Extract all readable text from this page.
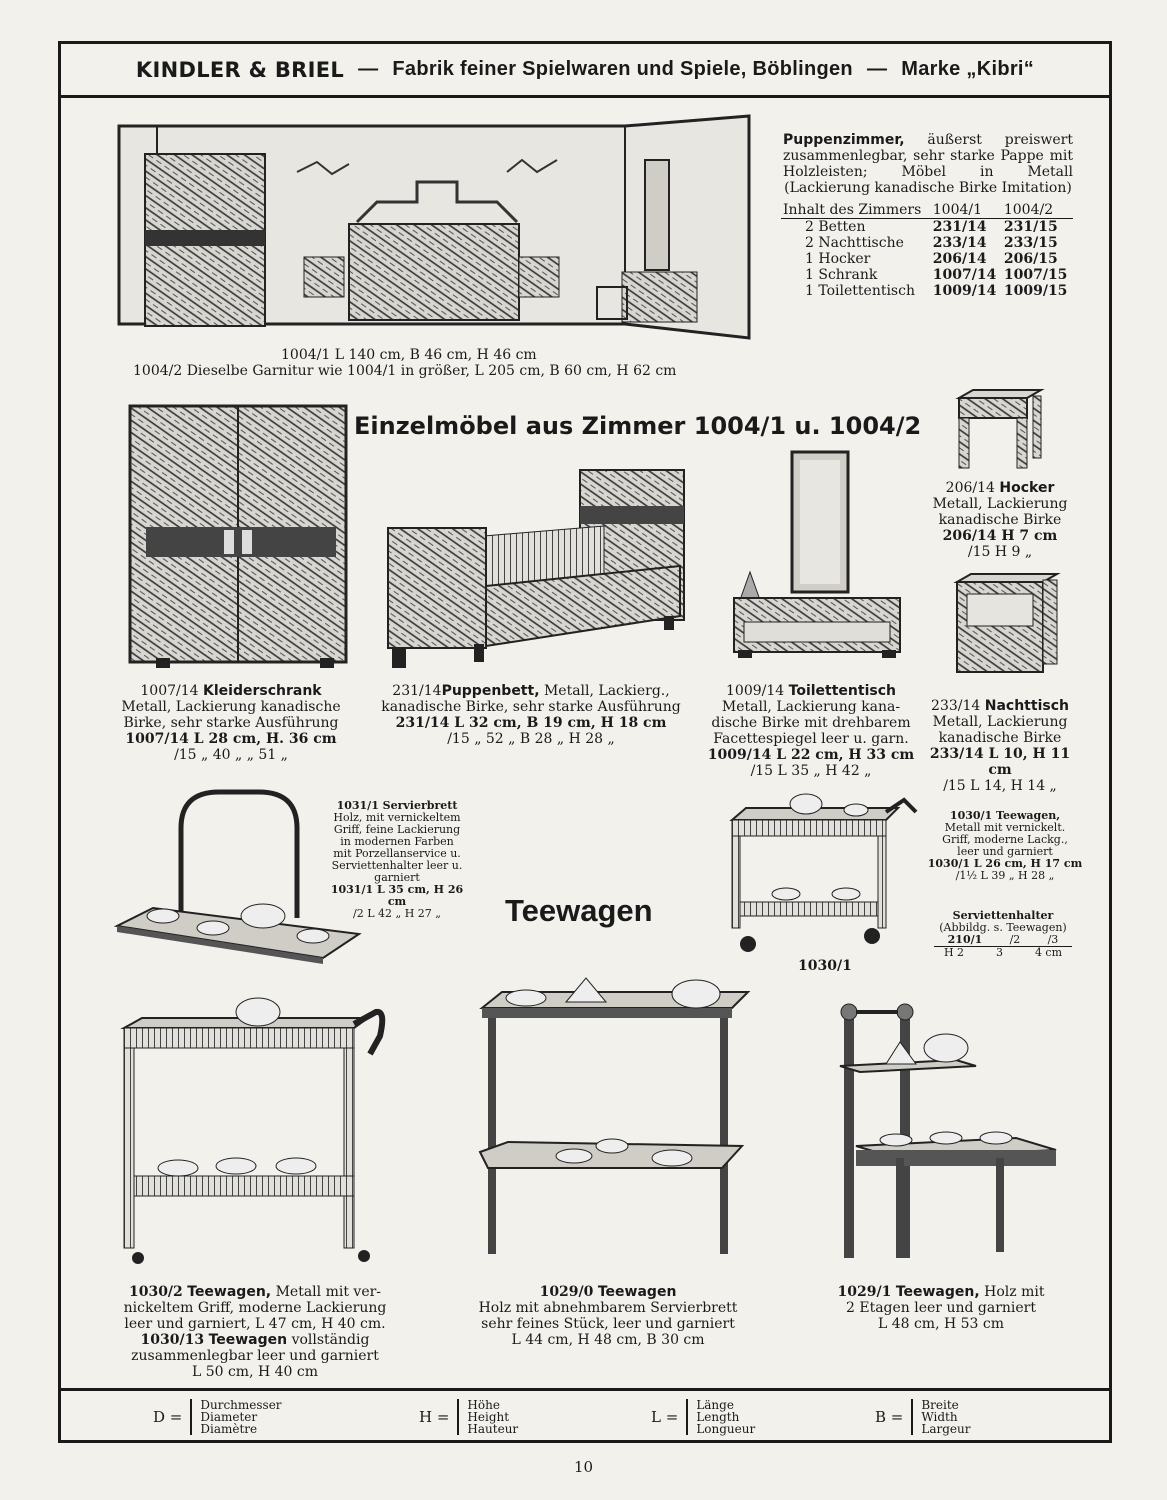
KINDLER & BRIEL — Fabrik feiner Spielwaren und Spiele, Böblingen — Marke „Kibri“
Puppenzimmer, äußerst preiswert zusammenlegbar, sehr starke Pappe mit Holzleisten; Möbel in Metall (Lackierung kanadische Birke Imitation)
Inhalt des Zimmers	1004/1	1004/2
2 Betten	231/14	231/15
2 Nachttische	233/14	233/15
1 Hocker	206/14	206/15
1 Schrank	1007/14	1007/15
1 Toilettentisch	1009/14	1009/15
1004/1 L 140 cm, B 46 cm, H 46 cm
1004/2 Dieselbe Garnitur wie 1004/1 in größer, L 205 cm, B 60 cm, H 62 cm
Einzelmöbel aus Zimmer 1004/1 u. 1004/2
1007/14 Kleiderschrank
Metall, Lackierung kanadische
Birke, sehr starke Ausführung
1007/14 L 28 cm, H. 36 cm
/15 „ 40 „ „ 51 „
231/14Puppenbett, Metall, Lackierg.,
kanadische Birke, sehr starke Ausführung
231/14 L 32 cm, B 19 cm, H 18 cm
/15 „ 52 „ B 28 „ H 28 „
1009/14 Toilettentisch
Metall, Lackierung kana-
dische Birke mit drehbarem
Facettespiegel leer u. garn.
1009/14 L 22 cm, H 33 cm
/15 L 35 „ H 42 „
206/14 Hocker
Metall, Lackierung
kanadische Birke
206/14 H 7 cm
/15 H 9 „
233/14 Nachttisch
Metall, Lackierung
kanadische Birke
233/14 L 10, H 11 cm
/15 L 14, H 14 „
1031/1 Servierbrett
Holz, mit vernickeltem
Griff, feine Lackierung
in modernen Farben
mit Porzellanservice u.
Serviettenhalter leer u.
garniert
1031/1 L 35 cm, H 26 cm
/2 L 42 „ H 27 „	Teewagen
1030/1
1030/1 Teewagen,
Metall mit vernickelt.
Griff, moderne Lackg.,
leer und garniert
1030/1 L 26 cm, H 17 cm
/1½ L 39 „ H 28 „
Serviettenhalter
(Abbildg. s. Teewagen)
210/1 /2 /3
H 2	3	4 cm
1030/2 Teewagen, Metall mit ver-
nickeltem Griff, moderne Lackierung
leer und garniert, L 47 cm, H 40 cm.
1030/13 Teewagen vollständig
zusammenlegbar leer und garniert
L 50 cm, H 40 cm
1029/0 Teewagen
Holz mit abnehmbarem Servierbrett
sehr feines Stück, leer und garniert
L 44 cm, H 48 cm, B 30 cm
1029/1 Teewagen, Holz mit
2 Etagen leer und garniert
L 48 cm, H 53 cm
D =
Durchmesser
Diameter
Diamètre
H =
Höhe
Height
Hauteur
L =
Länge
Length
Longueur
B =
Breite
Width
Largeur
10
